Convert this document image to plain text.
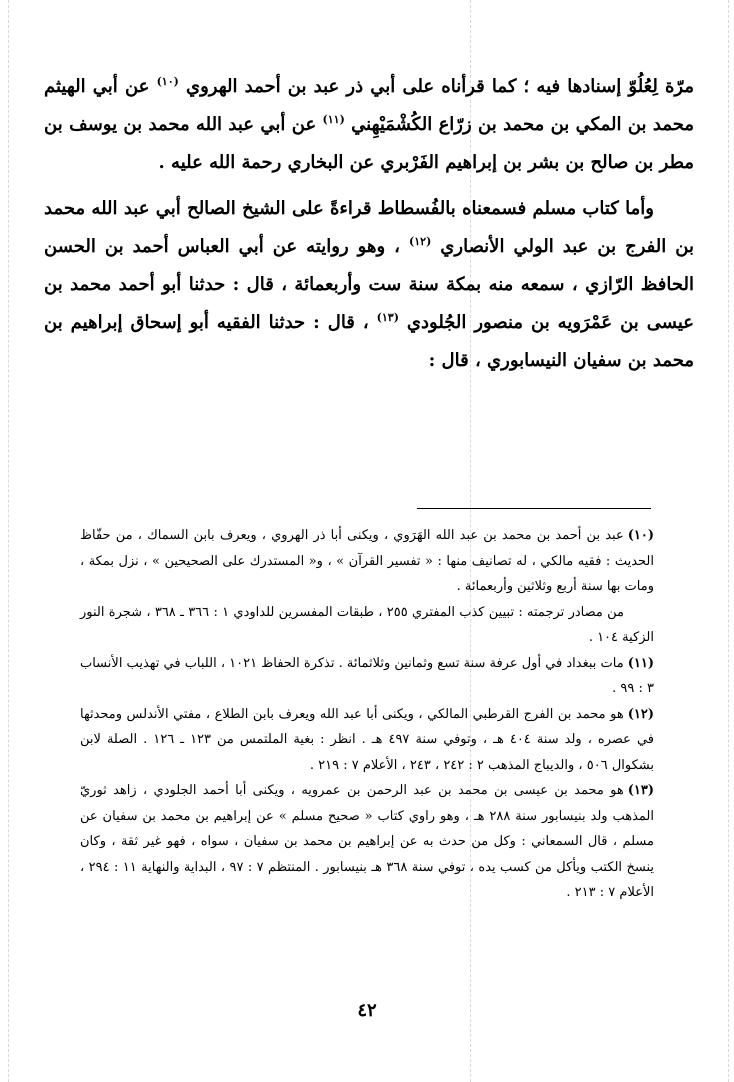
مرّة لِعُلُوّ إسنادها فيه ؛ كما قرأناه على أبي ذر عبد بن أحمد الهروي $^{(١٠)}$ عن أبي الهيثم محمد بن المكي بن محمد بن زرّاع الكُشْمَيْهِني $^{(١١)}$ عن أبي عبد الله محمد بن يوسف بن مطر بن صالح بن بشر بن إبراهيم الفَرْبري عن البخاري رحمة الله عليه .

وأما كتاب مسلم فسمعناه بالفُسطاط قراءةً على الشيخ الصالح أبي عبد الله محمد بن الفرج بن عبد الولي الأنصاري $^{(١٢)}$ ، وهو روايته عن أبي العباس أحمد بن الحسن الحافظ الرّازي ، سمعه منه بمكة سنة ست وأربعمائة ، قال : حدثنا أبو أحمد محمد بن عيسى بن عَمْرَويه بن منصور الجُلودي $^{(١٣)}$ ، قال : حدثنا الفقيه أبو إسحاق إبراهيم بن محمد بن سفيان النيسابوري ، قال :

(١٠)عبد بن أحمد بن محمد بن عبد الله الهَرَوي ، ويكنى أبا ذر الهروي ، ويعرف بابن السماك ، من حفّاظ الحديث : فقيه مالكي ، له تصانيف منها : « تفسير القرآن » ، و« المستدرك على الصحيحين » ، نزل بمكة ، ومات بها سنة أربع وثلاثين وأربعمائة .

من مصادر ترجمته : تبيين كذب المفتري ٢٥٥ ، طبقات المفسرين للداودي ١ : ٣٦٦ ـ ٣٦٨ ، شجرة النور الزكية ١٠٤ .

(١١)مات ببغداد في أول عرفة سنة تسع وثمانين وثلاثمائة . تذكرة الحفاظ ١٠٢١ ، اللباب في تهذيب الأنساب ٣ : ٩٩ .

(١٢)هو محمد بن الفرج القرطبي المالكي ، ويكنى أبا عبد الله ويعرف بابن الطلاع ، مفتي الأندلس ومحدثها في عصره ، ولد سنة ٤٠٤ هـ ، وتوفي سنة ٤٩٧ هـ . انظر : بغية الملتمس من ١٢٣ ـ ١٢٦ . الصلة لابن بشكوال ٥٠٦ ، والديباج المذهب ٢ : ٢٤٢ ، ٢٤٣ ، الأعلام ٧ : ٢١٩ .

(١٣)هو محمد بن عيسى بن محمد بن عبد الرحمن بن عمرويه ، ويكنى أبا أحمد الجلودي ، زاهد ثوريّ المذهب ولد بنيسابور سنة ٢٨٨ هـ ، وهو راوي كتاب « صحيح مسلم » عن إبراهيم بن محمد بن سفيان عن مسلم ، قال السمعاني : وكل من حدث به عن إبراهيم بن محمد بن سفيان ، سواه ، فهو غير ثقة ، وكان ينسخ الكتب ويأكل من كسب يده ، توفي سنة ٣٦٨ هـ بنيسابور . المنتظم ٧ : ٩٧ ، البداية والنهاية ١١ : ٢٩٤ ، الأعلام ٧ : ٢١٣ .

٤٢
